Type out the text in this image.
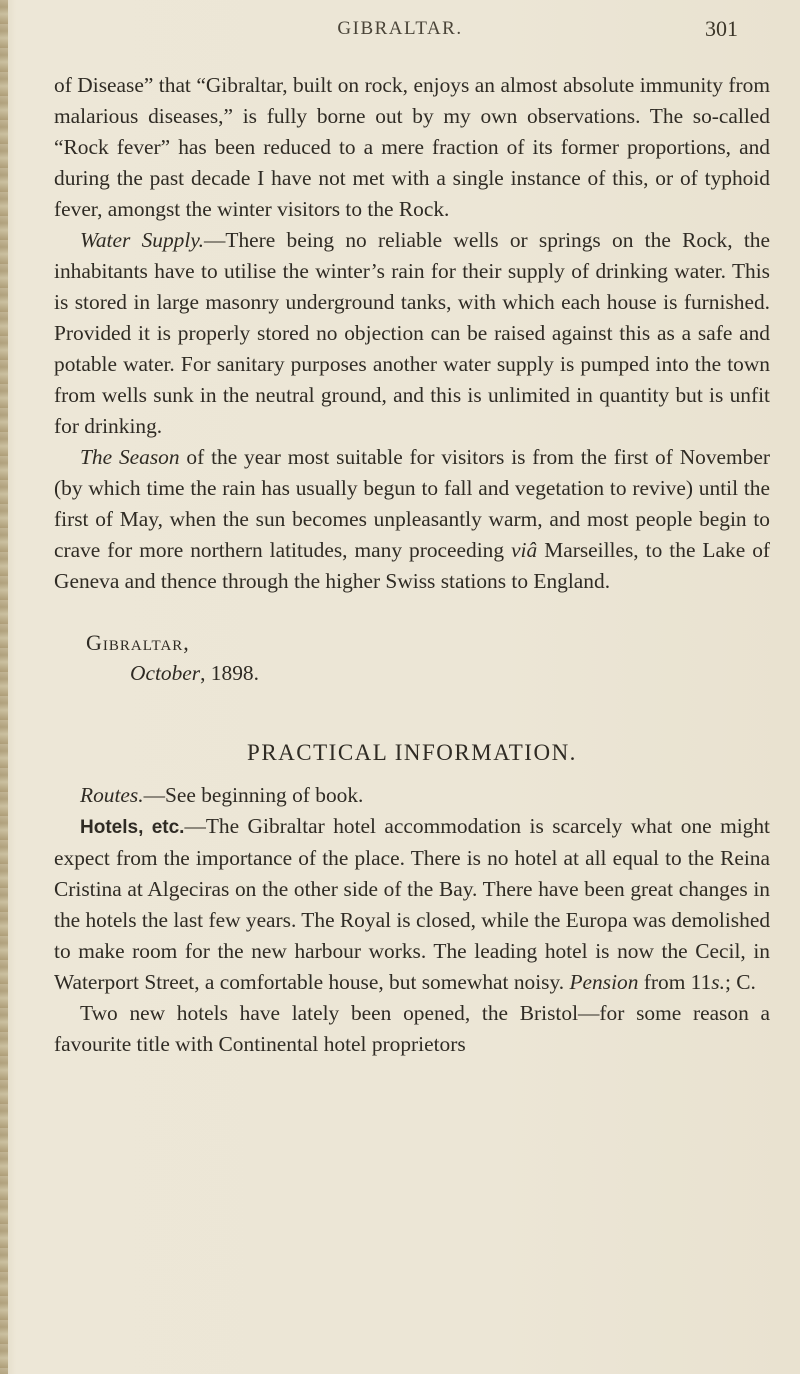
GIBRALTAR.	301

of Disease” that “Gibraltar, built on rock, enjoys an almost absolute immunity from malarious diseases,” is fully borne out by my own observations. The so-called “Rock fever” has been reduced to a mere fraction of its former proportions, and during the past decade I have not met with a single instance of this, or of typhoid fever, amongst the winter visitors to the Rock.

Water Supply.—There being no reliable wells or springs on the Rock, the inhabitants have to utilise the winter’s rain for their supply of drinking water. This is stored in large masonry underground tanks, with which each house is furnished. Provided it is properly stored no objection can be raised against this as a safe and potable water. For sanitary purposes another water supply is pumped into the town from wells sunk in the neutral ground, and this is unlimited in quantity but is unfit for drinking.

The Season of the year most suitable for visitors is from the first of November (by which time the rain has usually begun to fall and vegetation to revive) until the first of May, when the sun becomes unpleasantly warm, and most people begin to crave for more northern latitudes, many proceeding viâ Marseilles, to the Lake of Geneva and thence through the higher Swiss stations to England.

Gibraltar,
October, 1898.
PRACTICAL INFORMATION.

Routes.—See beginning of book.

Hotels, etc.—The Gibraltar hotel accommodation is scarcely what one might expect from the importance of the place. There is no hotel at all equal to the Reina Cristina at Algeciras on the other side of the Bay. There have been great changes in the hotels the last few years. The Royal is closed, while the Europa was demolished to make room for the new harbour works. The leading hotel is now the Cecil, in Waterport Street, a comfortable house, but somewhat noisy. Pension from 11s.; C.

Two new hotels have lately been opened, the Bristol—for some reason a favourite title with Continental hotel proprietors
